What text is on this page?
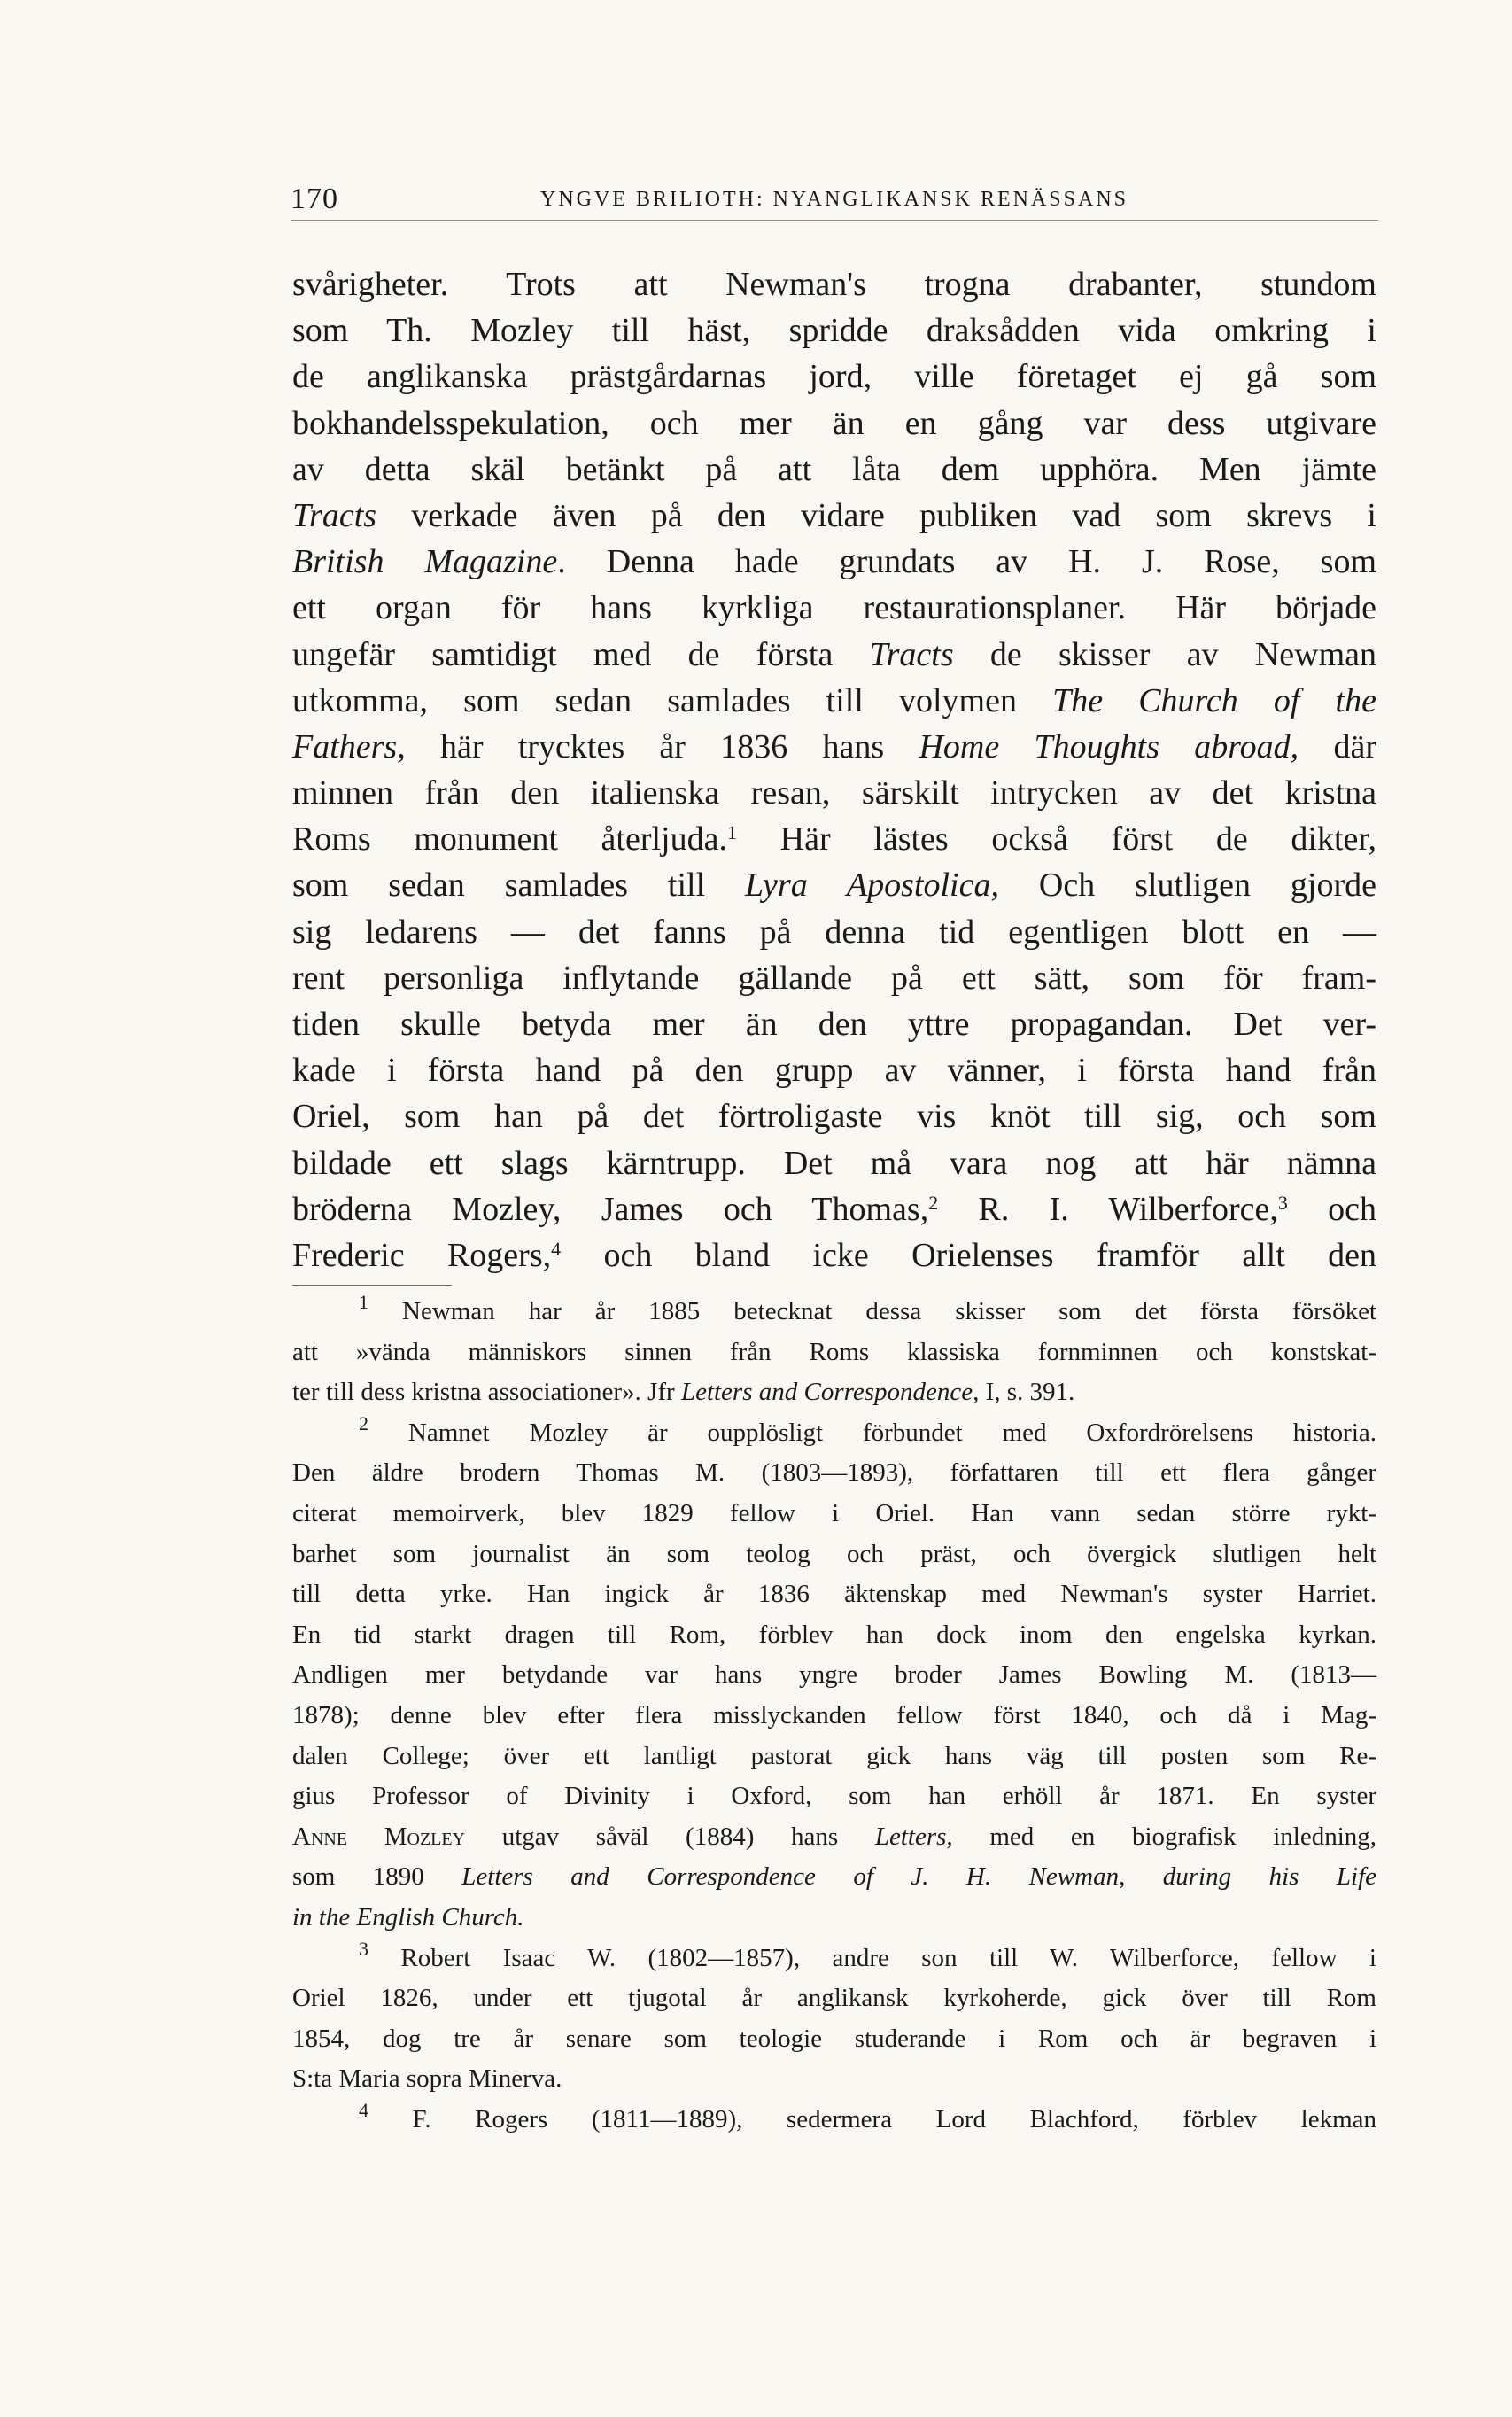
170	YNGVE BRILIOTH: NYANGLIKANSK RENÄSSANS
svårigheter. Trots att Newman's trogna drabanter, stundom
som Th. Mozley till häst, spridde draksådden vida omkring i
de anglikanska prästgårdarnas jord, ville företaget ej gå som
bokhandelsspekulation, och mer än en gång var dess utgivare
av detta skäl betänkt på att låta dem upphöra. Men jämte
Tracts verkade även på den vidare publiken vad som skrevs i
British Magazine. Denna hade grundats av H. J. Rose, som
ett organ för hans kyrkliga restaurationsplaner. Här började
ungefär samtidigt med de första Tracts de skisser av Newman
utkomma, som sedan samlades till volymen The Church of the
Fathers, här trycktes år 1836 hans Home Thoughts abroad, där
minnen från den italienska resan, särskilt intrycken av det kristna
Roms monument återljuda.$^1$ Här lästes också först de dikter,
som sedan samlades till Lyra Apostolica, Och slutligen gjorde
sig ledarens — det fanns på denna tid egentligen blott en —
rent personliga inflytande gällande på ett sätt, som för fram-
tiden skulle betyda mer än den yttre propagandan. Det ver-
kade i första hand på den grupp av vänner, i första hand från
Oriel, som han på det förtroligaste vis knöt till sig, och som
bildade ett slags kärntrupp. Det må vara nog att här nämna
bröderna Mozley, James och Thomas,$^2$ R. I. Wilberforce,$^3$ och
Frederic Rogers,$^4$ och bland icke Orielenses framför allt den
$^1$ Newman har år 1885 betecknat dessa skisser som det första försöket
att »vända människors sinnen från Roms klassiska fornminnen och konstskat-
ter till dess kristna associationer». Jfr Letters and Correspondence, I, s. 391.
$^2$ Namnet Mozley är oupplösligt förbundet med Oxfordrörelsens historia.
Den äldre brodern Thomas M. (1803—1893), författaren till ett flera gånger
citerat memoirverk, blev 1829 fellow i Oriel. Han vann sedan större rykt-
barhet som journalist än som teolog och präst, och övergick slutligen helt
till detta yrke. Han ingick år 1836 äktenskap med Newman's syster Harriet.
En tid starkt dragen till Rom, förblev han dock inom den engelska kyrkan.
Andligen mer betydande var hans yngre broder James Bowling M. (1813—
1878); denne blev efter flera misslyckanden fellow först 1840, och då i Mag-
dalen College; över ett lantligt pastorat gick hans väg till posten som Re-
gius Professor of Divinity i Oxford, som han erhöll år 1871. En syster
Anne Mozley utgav såväl (1884) hans Letters, med en biografisk inledning,
som 1890 Letters and Correspondence of J. H. Newman, during his Life
in the English Church.
$^3$ Robert Isaac W. (1802—1857), andre son till W. Wilberforce, fellow i
Oriel 1826, under ett tjugotal år anglikansk kyrkoherde, gick över till Rom
1854, dog tre år senare som teologie studerande i Rom och är begraven i
S:ta Maria sopra Minerva.
$^4$ F. Rogers (1811—1889), sedermera Lord Blachford, förblev lekman
